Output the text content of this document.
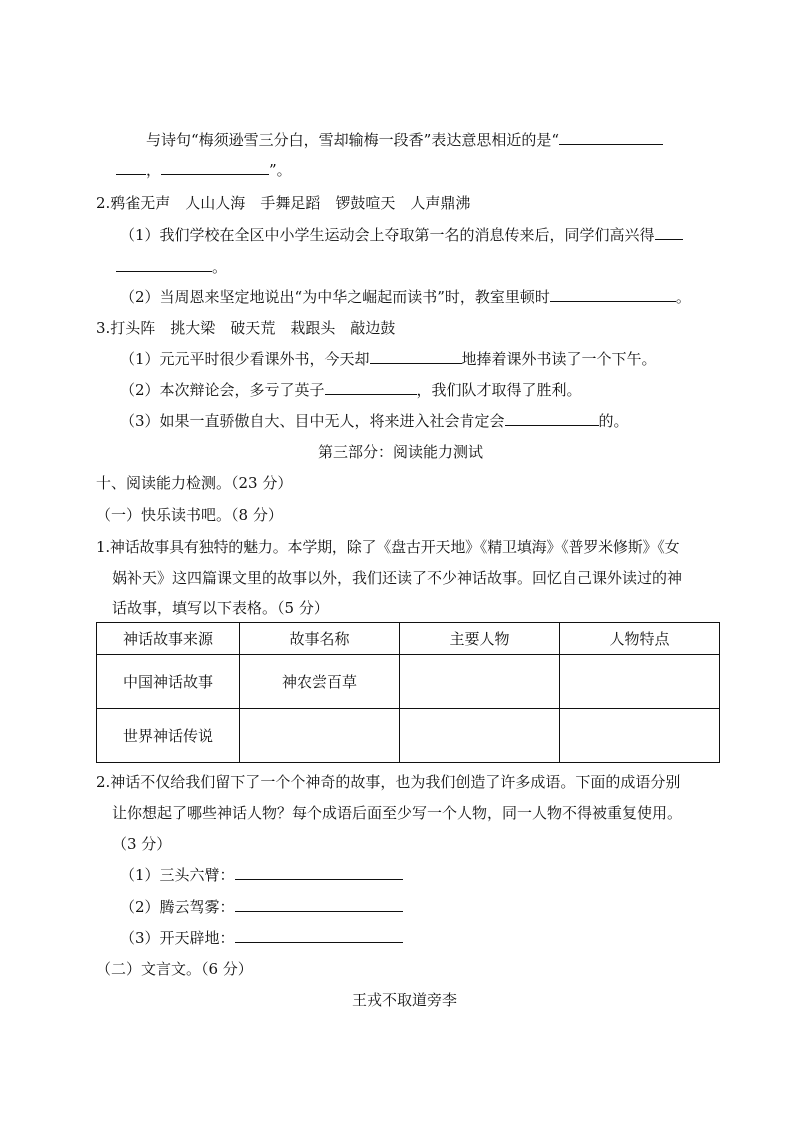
与诗句“梅须逊雪三分白，雪却输梅一段香”表达意思相近的是“
，	”。
2.鸦雀无声　人山人海　手舞足蹈　锣鼓喧天　人声鼎沸
（1）我们学校在全区中小学生运动会上夺取第一名的消息传来后，同学们高兴得
。
（2）当周恩来坚定地说出“为中华之崛起而读书”时，教室里顿时	。
3.打头阵　挑大梁　破天荒　栽跟头　敲边鼓
（1）元元平时很少看课外书，今天却	地捧着课外书读了一个下午。
（2）本次辩论会，多亏了英子	，我们队才取得了胜利。
（3）如果一直骄傲自大、目中无人，将来进入社会肯定会	的。
第三部分：阅读能力测试
十、阅读能力检测。（23 分）
（一）快乐读书吧。（8 分）
1.神话故事具有独特的魅力。本学期，除了《盘古开天地》《精卫填海》《普罗米修斯》《女
娲补天》这四篇课文里的故事以外，我们还读了不少神话故事。回忆自己课外读过的神
话故事，填写以下表格。（5 分）
神话故事来源	故事名称	主要人物	人物特点
中国神话故事	神农尝百草		
世界神话传说			
2.神话不仅给我们留下了一个个神奇的故事，也为我们创造了许多成语。下面的成语分别
让你想起了哪些神话人物？每个成语后面至少写一个人物，同一人物不得被重复使用。
（3 分）
（1）三头六臂：
（2）腾云驾雾：
（3）开天辟地：
（二）文言文。（6 分）
王戎不取道旁李
